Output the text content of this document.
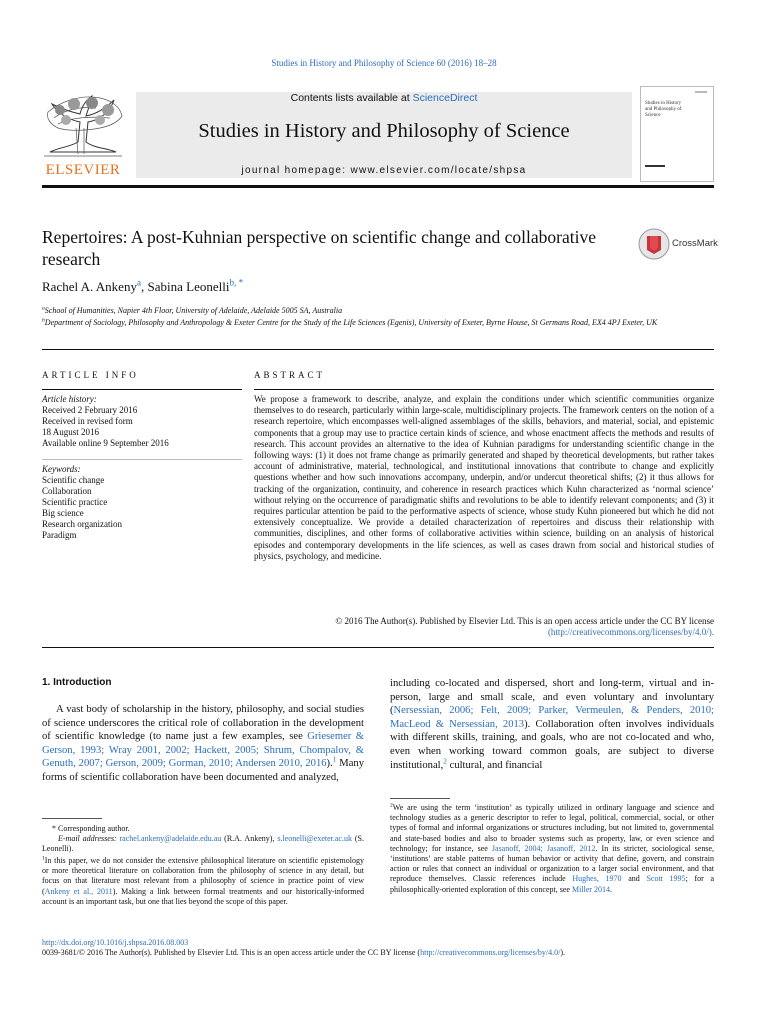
Studies in History and Philosophy of Science 60 (2016) 18–28
ELSEVIER
Contents lists available at ScienceDirect
Studies in History and Philosophy of Science
journal homepage: www.elsevier.com/locate/shpsa
Studies in History and Philosophy of Science
Repertoires: A post-Kuhnian perspective on scientific change and collaborative research
CrossMark
Rachel A. Ankeny$^a$, Sabina Leonelli$^{b, *}$
$^a$School of Humanities, Napier 4th Floor, University of Adelaide, Adelaide 5005 SA, Australia
$^b$Department of Sociology, Philosophy and Anthropology & Exeter Centre for the Study of the Life Sciences (Egenis), University of Exeter, Byrne House, St Germans Road, EX4 4PJ Exeter, UK
ARTICLE INFO
Article history:
Received 2 February 2016
Received in revised form
18 August 2016
Available online 9 September 2016
Keywords:
Scientific change
Collaboration
Scientific practice
Big science
Research organization
Paradigm
ABSTRACT
We propose a framework to describe, analyze, and explain the conditions under which scientific communities organize themselves to do research, particularly within large-scale, multidisciplinary projects. The framework centers on the notion of a research repertoire, which encompasses well-aligned assemblages of the skills, behaviors, and material, social, and epistemic components that a group may use to practice certain kinds of science, and whose enactment affects the methods and results of research. This account provides an alternative to the idea of Kuhnian paradigms for understanding scientific change in the following ways: (1) it does not frame change as primarily generated and shaped by theoretical developments, but rather takes account of administrative, material, technological, and institutional innovations that contribute to change and explicitly questions whether and how such innovations accompany, underpin, and/or undercut theoretical shifts; (2) it thus allows for tracking of the organization, continuity, and coherence in research practices which Kuhn characterized as ‘normal science’ without relying on the occurrence of paradigmatic shifts and revolutions to be able to identify relevant components; and (3) it requires particular attention be paid to the performative aspects of science, whose study Kuhn pioneered but which he did not extensively conceptualize. We provide a detailed characterization of repertoires and discuss their relationship with communities, disciplines, and other forms of collaborative activities within science, building on an analysis of historical episodes and contemporary developments in the life sciences, as well as cases drawn from social and historical studies of physics, psychology, and medicine.
© 2016 The Author(s). Published by Elsevier Ltd. This is an open access article under the CC BY license
(http://creativecommons.org/licenses/by/4.0/).
1. Introduction
A vast body of scholarship in the history, philosophy, and social studies of science underscores the critical role of collaboration in the development of scientific knowledge (to name just a few examples, see Griesemer & Gerson, 1993; Wray 2001, 2002; Hackett, 2005; Shrum, Chompalov, & Genuth, 2007; Gerson, 2009; Gorman, 2010; Andersen 2010, 2016).$^1$ Many forms of scientific collaboration have been documented and analyzed,
including co-located and dispersed, short and long-term, virtual and in-person, large and small scale, and even voluntary and involuntary (Nersessian, 2006; Felt, 2009; Parker, Vermeulen, & Penders, 2010; MacLeod & Nersessian, 2013). Collaboration often involves individuals with different skills, training, and goals, who are not co-located and who, even when working toward common goals, are subject to diverse institutional,$^2$ cultural, and financial
* Corresponding author.
E-mail addresses: rachel.ankeny@adelaide.edu.au (R.A. Ankeny), s.leonelli@exeter.ac.uk (S. Leonelli).
$^1$In this paper, we do not consider the extensive philosophical literature on scientific epistemology or more theoretical literature on collaboration from the philosophy of science in any detail, but focus on that literature most relevant from a philosophy of science in practice point of view (Ankeny et al., 2011). Making a link between formal treatments and our historically-informed account is an important task, but one that lies beyond the scope of this paper.
$^2$We are using the term ‘institution’ as typically utilized in ordinary language and science and technology studies as a generic descriptor to refer to legal, political, commercial, social, or other types of formal and informal organizations or structures including, but not limited to, governmental and state-based bodies and also to broader systems such as property, law, or even science and technology; for instance, see Jasanoff, 2004; Jasanoff, 2012. In its stricter, sociological sense, ‘institutions’ are stable patterns of human behavior or activity that define, govern, and constrain action or rules that connect an individual or organization to a larger social environment, and that reproduce themselves. Classic references include Hughes, 1970 and Scott 1995; for a philosophically-oriented exploration of this concept, see Miller 2014.
http://dx.doi.org/10.1016/j.shpsa.2016.08.003
0039-3681/© 2016 The Author(s). Published by Elsevier Ltd. This is an open access article under the CC BY license (http://creativecommons.org/licenses/by/4.0/).
